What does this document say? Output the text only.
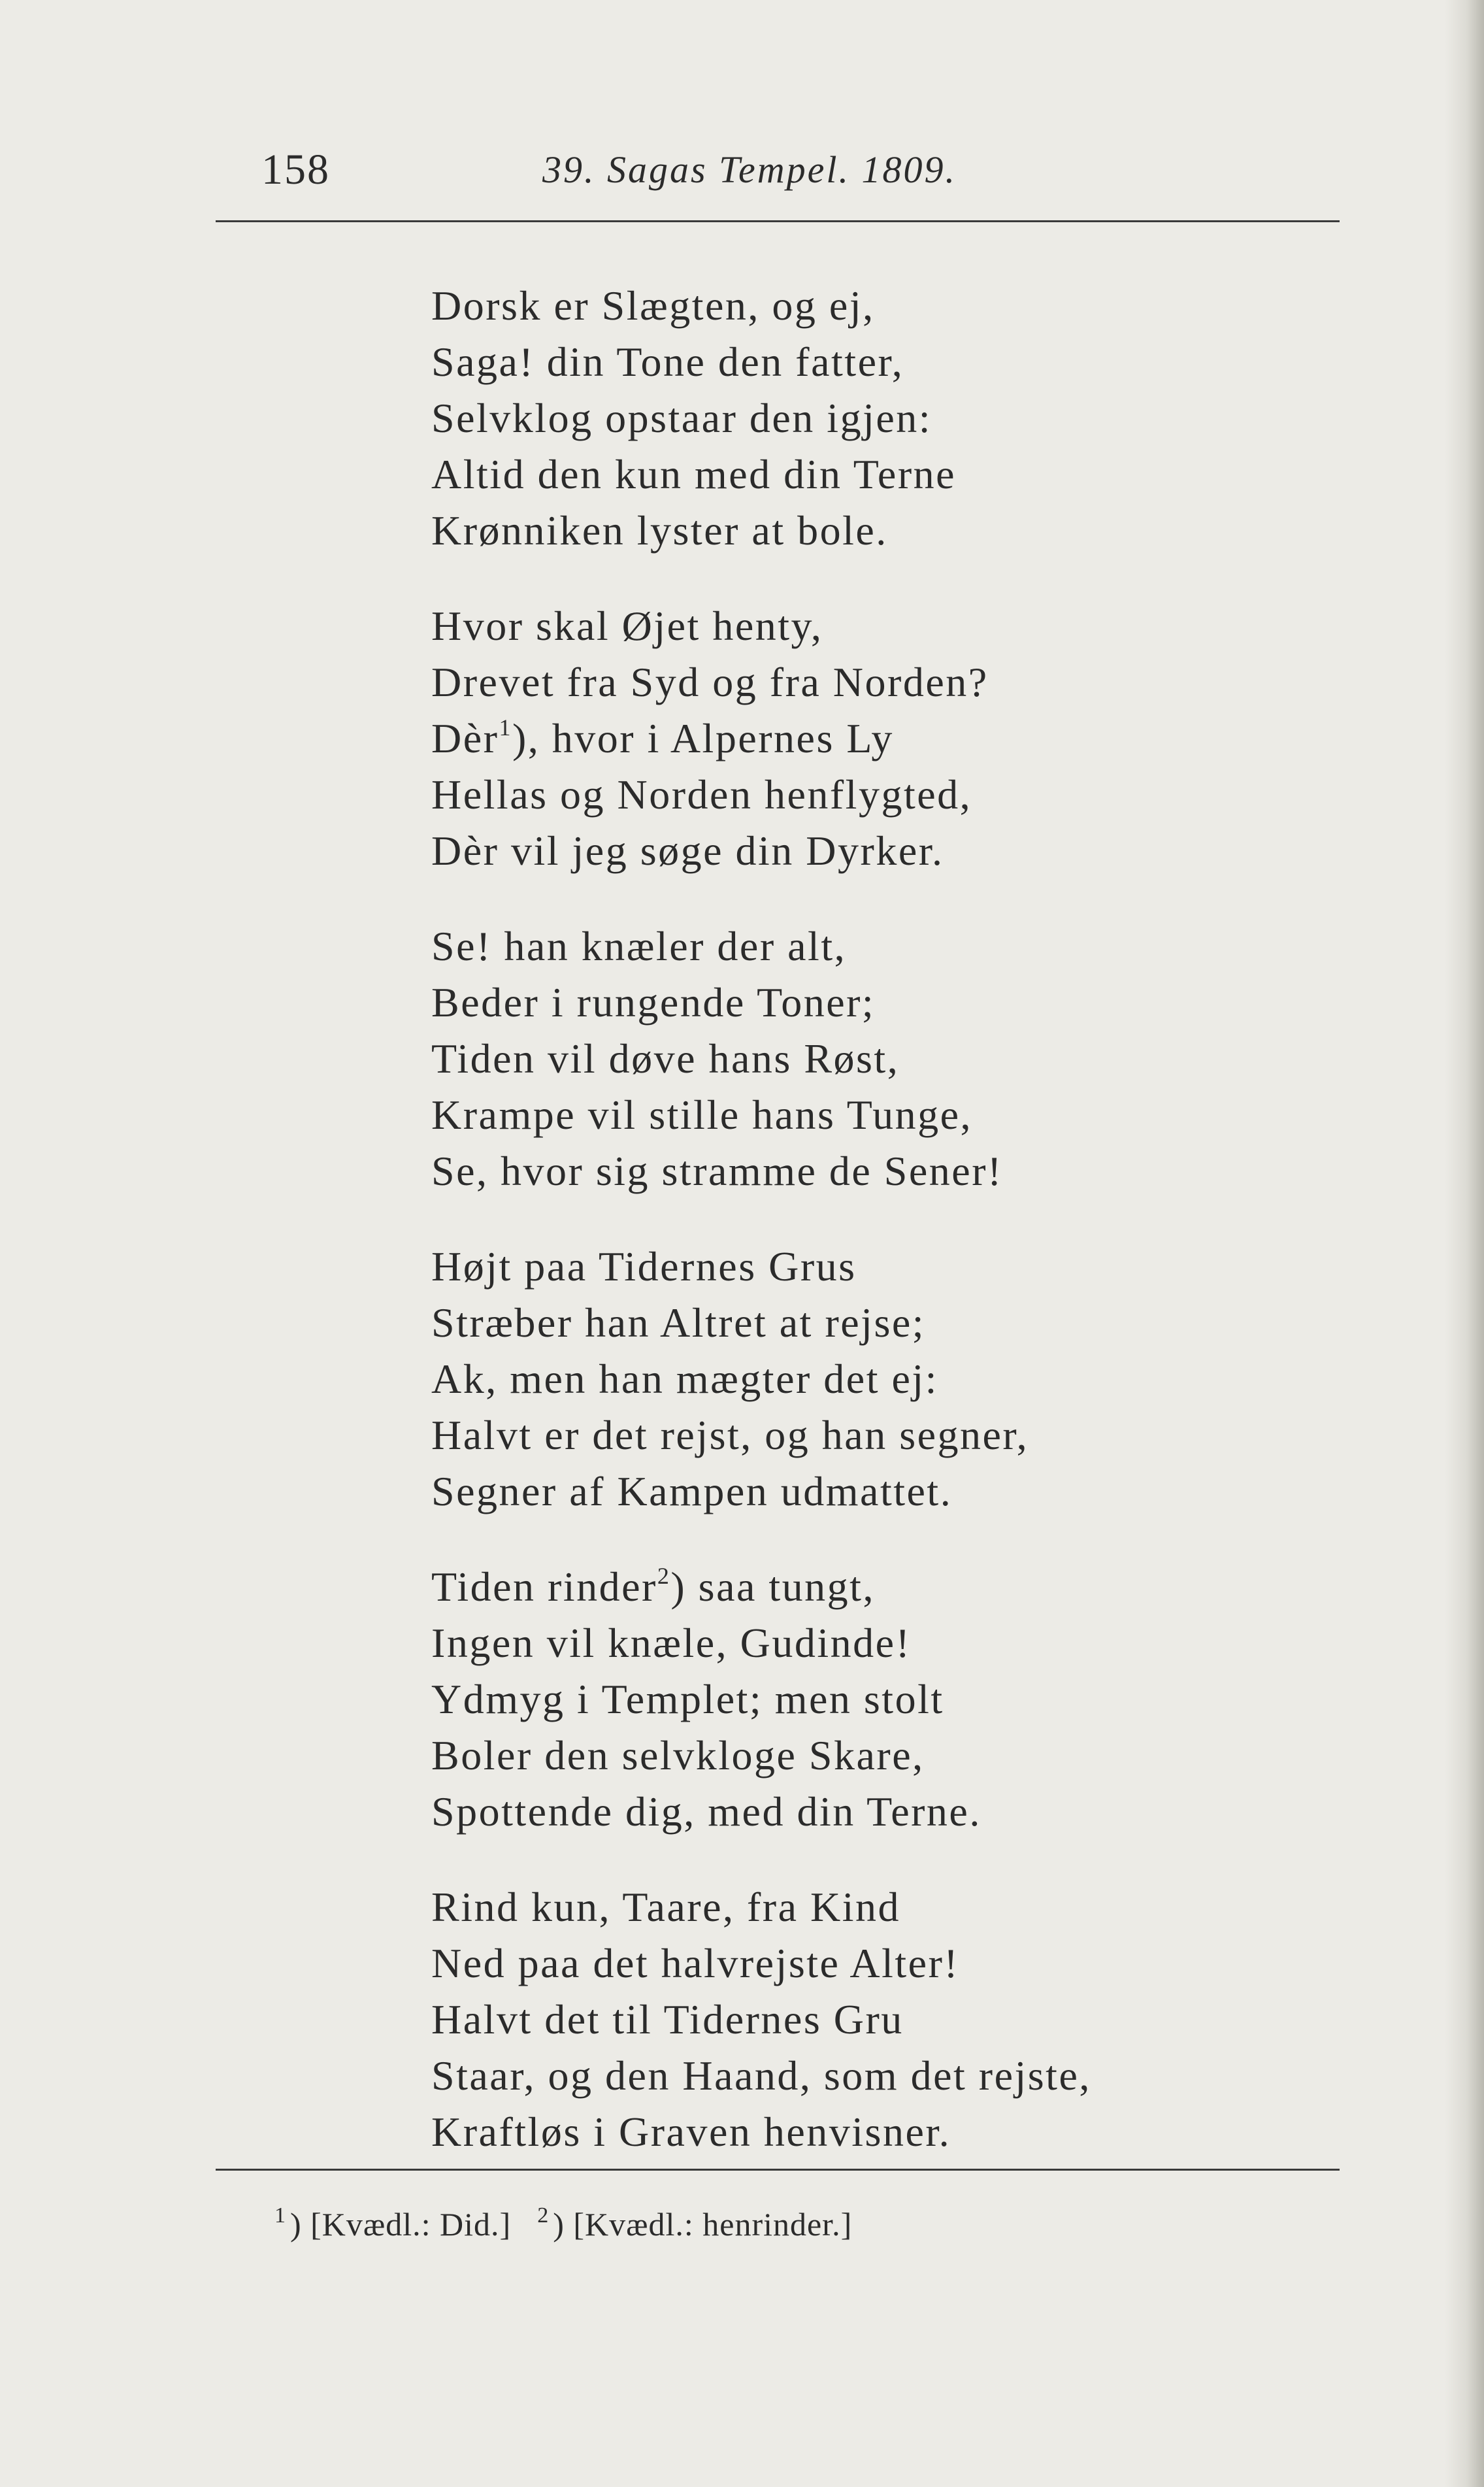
158	39. Sagas Tempel. 1809.
Dorsk er Slægten, og ej,
Saga! din Tone den fatter,
Selvklog opstaar den igjen:
Altid den kun med din Terne
Krønniken lyster at bole.
Hvor skal Øjet henty,
Drevet fra Syd og fra Norden?
Dèr$^1$), hvor i Alpernes Ly
Hellas og Norden henflygted,
Dèr vil jeg søge din Dyrker.
Se! han knæler der alt,
Beder i rungende Toner;
Tiden vil døve hans Røst,
Krampe vil stille hans Tunge,
Se, hvor sig stramme de Sener!
Højt paa Tidernes Grus
Stræber han Altret at rejse;
Ak, men han mægter det ej:
Halvt er det rejst, og han segner,
Segner af Kampen udmattet.
Tiden rinder$^2$) saa tungt,
Ingen vil knæle, Gudinde!
Ydmyg i Templet; men stolt
Boler den selvkloge Skare,
Spottende dig, med din Terne.
Rind kun, Taare, fra Kind
Ned paa det halvrejste Alter!
Halvt det til Tidernes Gru
Staar, og den Haand, som det rejste,
Kraftløs i Graven henvisner.
$^1$ ) [Kvædl.: Did.] $^2$ ) [Kvædl.: henrinder.]
